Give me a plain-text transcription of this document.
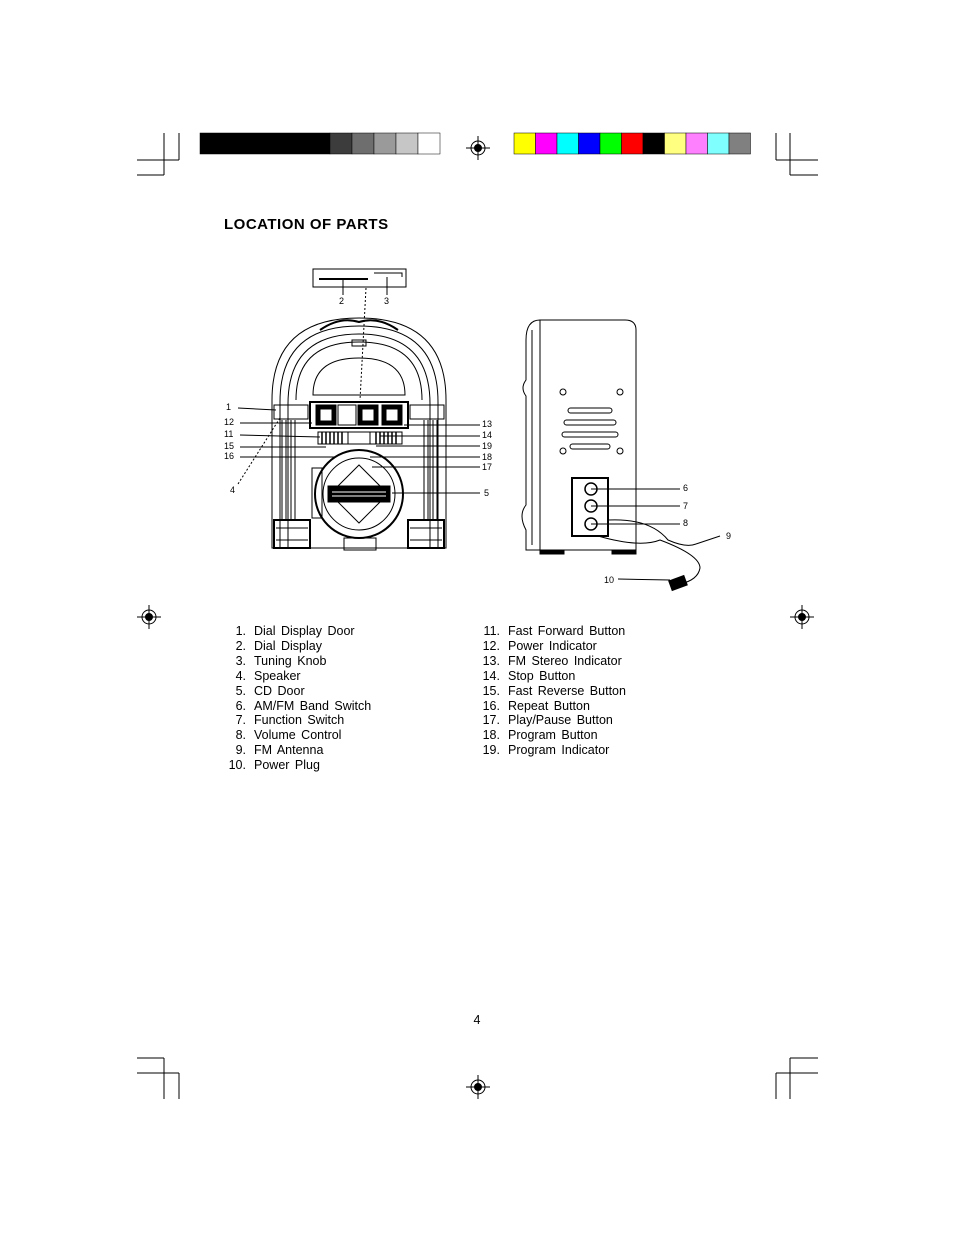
LOCATION OF PARTS
1
12
11
15
16
4
2	3
13
14
19
18
17
5	6
7
8
9
10
1. Dial Display Door
2. Dial Display
3. Tuning Knob
4. Speaker
5. CD Door
6. AM/FM Band Switch
7. Function Switch
8. Volume Control
9. FM Antenna
10. Power Plug
11. Fast Forward Button
12. Power Indicator
13. FM Stereo Indicator
14. Stop Button
15. Fast Reverse Button
16. Repeat Button
17. Play/Pause Button
18. Program Button
19. Program Indicator
4
